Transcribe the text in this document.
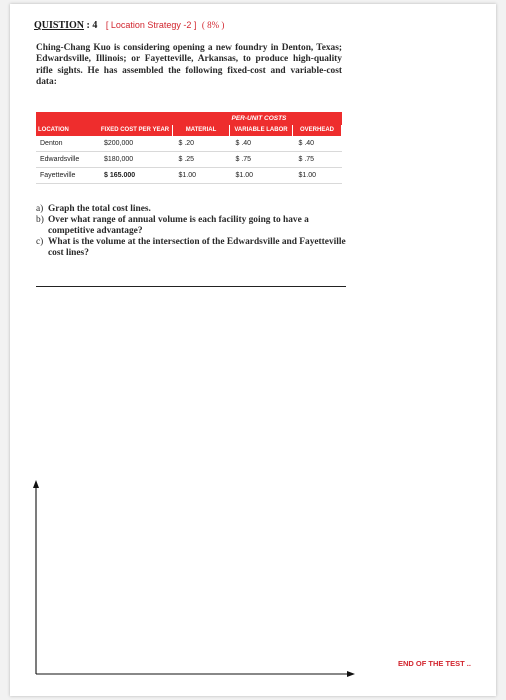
QUISTION : 4 [ Location Strategy -2 ] ( 8% )
Ching-Chang Kuo is considering opening a new foundry in Denton, Texas; Edwardsville, Illinois; or Fayetteville, Arkansas, to produce high-quality rifle sights. He has assembled the following fixed-cost and variable-cost data:
			PER-UNIT COSTS	
LOCATION	FIXED COST PER YEAR	MATERIAL	VARIABLE LABOR	OVERHEAD
Denton	$200,000	$ .20	$ .40	$ .40
Edwardsville	$180,000	$ .25	$ .75	$ .75
Fayetteville	$ 165.000	$1.00	$1.00	$1.00
a) Graph the total cost lines.
b) Over what range of annual volume is each facility going to have a competitive advantage?
c) What is the volume at the intersection of the Edwardsville and Fayetteville cost lines?
END OF THE TEST ..
